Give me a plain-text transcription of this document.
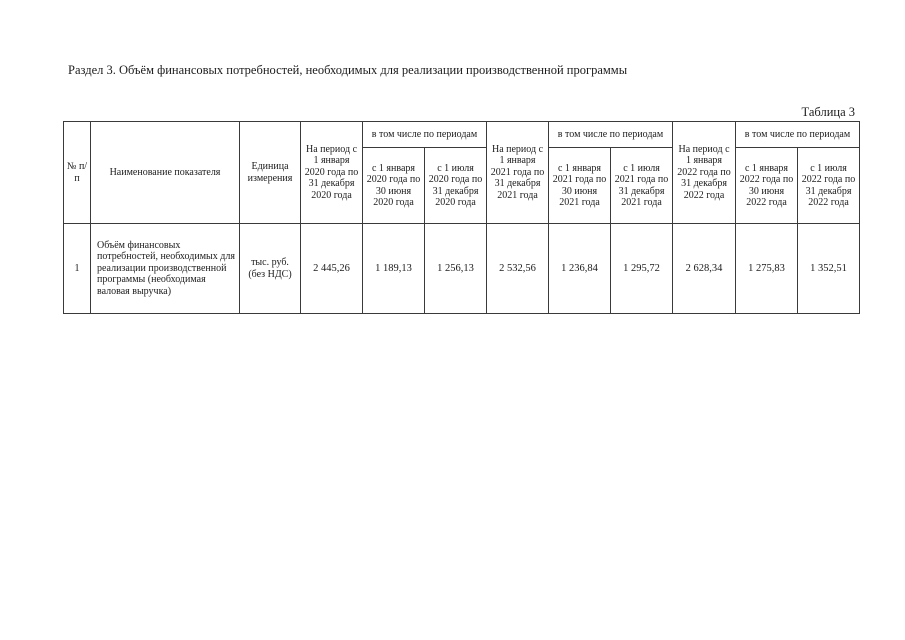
Раздел 3. Объём финансовых потребностей, необходимых для реализации производственной программы
Таблица 3
№ п/п	Наименование показателя	Единица измерения	На период с 1 января 2020 года по 31 декабря 2020 года	в том числе по периодам		На период с 1 января 2021 года по 31 декабря 2021 года	в том числе по периодам		На период с 1 января 2022 года по 31 декабря 2022 года	в том числе по периодам	
				с 1 января 2020 года по 30 июня 2020 года	с 1 июля 2020 года по 31 декабря 2020 года		с 1 января 2021 года по 30 июня 2021 года	с 1 июля 2021 года по 31 декабря 2021 года		с 1 января 2022 года по 30 июня 2022 года	с 1 июля 2022 года по 31 декабря 2022 года
1	Объём финансовых потребностей, необходимых для реализации производственной программы (необходимая валовая выручка)	тыс. руб. (без НДС)	2 445,26	1 189,13	1 256,13	2 532,56	1 236,84	1 295,72	2 628,34	1 275,83	1 352,51
